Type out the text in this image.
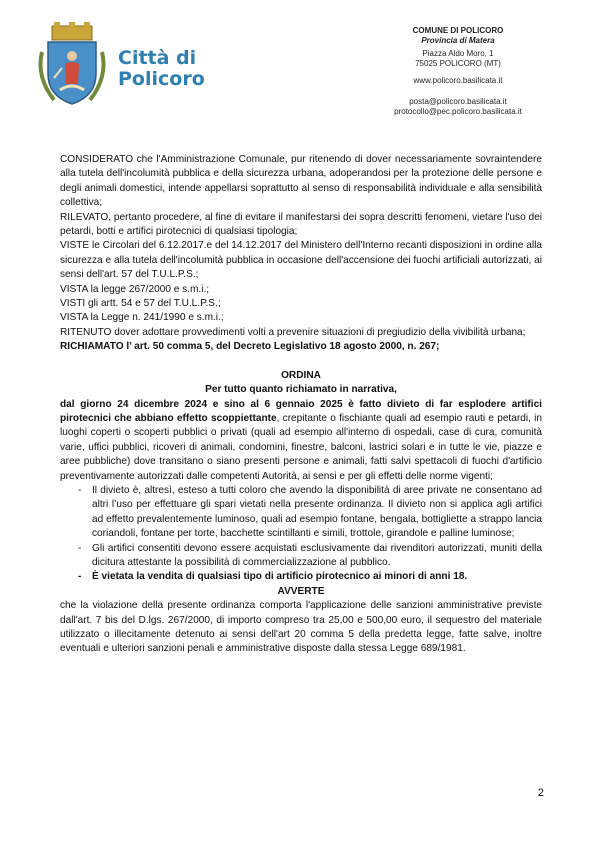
Città di
Policoro
COMUNE DI POLICORO
Provincia di Matera
Piazza Aldo Moro, 1
75025 POLICORO (MT)
www.policoro.basilicata.it
posta@policoro.basilicata.it
protocollo@pec.policoro.basilicata.it

CONSIDERATO che l'Amministrazione Comunale, pur ritenendo di dover necessariamente sovraintendere alla tutela dell'incolumità pubblica e della sicurezza urbana, adoperandosi per la protezione delle persone e degli animali domestici, intende appellarsi soprattutto al senso di responsabilità individuale e alla sensibilità collettiva;

RILEVATO, pertanto procedere, al fine di evitare il manifestarsi dei sopra descritti fenomeni, vietare l'uso dei petardi, botti e artifici pirotecnici di qualsiasi tipologia;

VISTE le Circolari del 6.12.2017.e del 14.12.2017 del Ministero dell'Interno recanti disposizioni in ordine alla sicurezza e alla tutela dell'incolumità pubblica in occasione dell'accensione dei fuochi artificiali autorizzati, ai sensi dell'art. 57 del T.U.L.P.S.;

VISTA la legge 267/2000 e s.m.i.;

VISTI gli artt. 54 e 57 del T.U.L.P.S.;

VISTA la Legge n. 241/1990 e s.m.i.;

RITENUTO dover adottare provvedimenti volti a prevenire situazioni di pregiudizio della vivibilità urbana;

RICHIAMATO l’ art. 50 comma 5, del Decreto Legislativo 18 agosto 2000, n. 267;

ORDINA

Per tutto quanto richiamato in narrativa,

dal giorno 24 dicembre 2024 e sino al 6 gennaio 2025 è fatto divieto di far esplodere artifici pirotecnici che abbiano effetto scoppiettante, crepitante o fischiante quali ad esempio rauti e petardi, in luoghi coperti o scoperti pubblici o privati (quali ad esempio all'interno di ospedali, case di cura, comunità varie, uffici pubblici, ricoveri di animali, condomini, finestre, balconi, lastrici solari e in tutte le vie, piazze e aree pubbliche) dove transitano o siano presenti persone e animali, fatti salvi spettacoli di fuochi d'artificio preventivamente autorizzati dalle competenti Autorità, ai sensi e per gli effetti delle norme vigenti;

- Il divieto è, altresì, esteso a tutti coloro che avendo la disponibilità di aree private ne consentano ad altri l’uso per effettuare gli spari vietati nella presente ordinanza. Il divieto non si applica agli artifici ad effetto prevalentemente luminoso, quali ad esempio fontane, bengala, bottigliette a strappo lancia coriandoli, fontane per torte, bacchette scintillanti e simili, trottole, girandole e palline luminose;
- Gli artifici consentiti devono essere acquistati esclusivamente dai rivenditori autorizzati, muniti della dicitura attestante la possibilità di commercializzazione al pubblico.
- È vietata la vendita di qualsiasi tipo di artificio pirotecnico ai minori di anni 18.

AVVERTE

che la violazione della presente ordinanza comporta l'applicazione delle sanzioni amministrative previste dall'art. 7 bis del D.lgs. 267/2000, di importo compreso tra 25,00 e 500,00 euro, il sequestro del materiale utilizzato o illecitamente detenuto ai sensi dell'art 20 comma 5 della predetta legge, fatte salve, inoltre eventuali e ulteriori sanzioni penali e amministrative disposte dalla stessa Legge 689/1981.

2
